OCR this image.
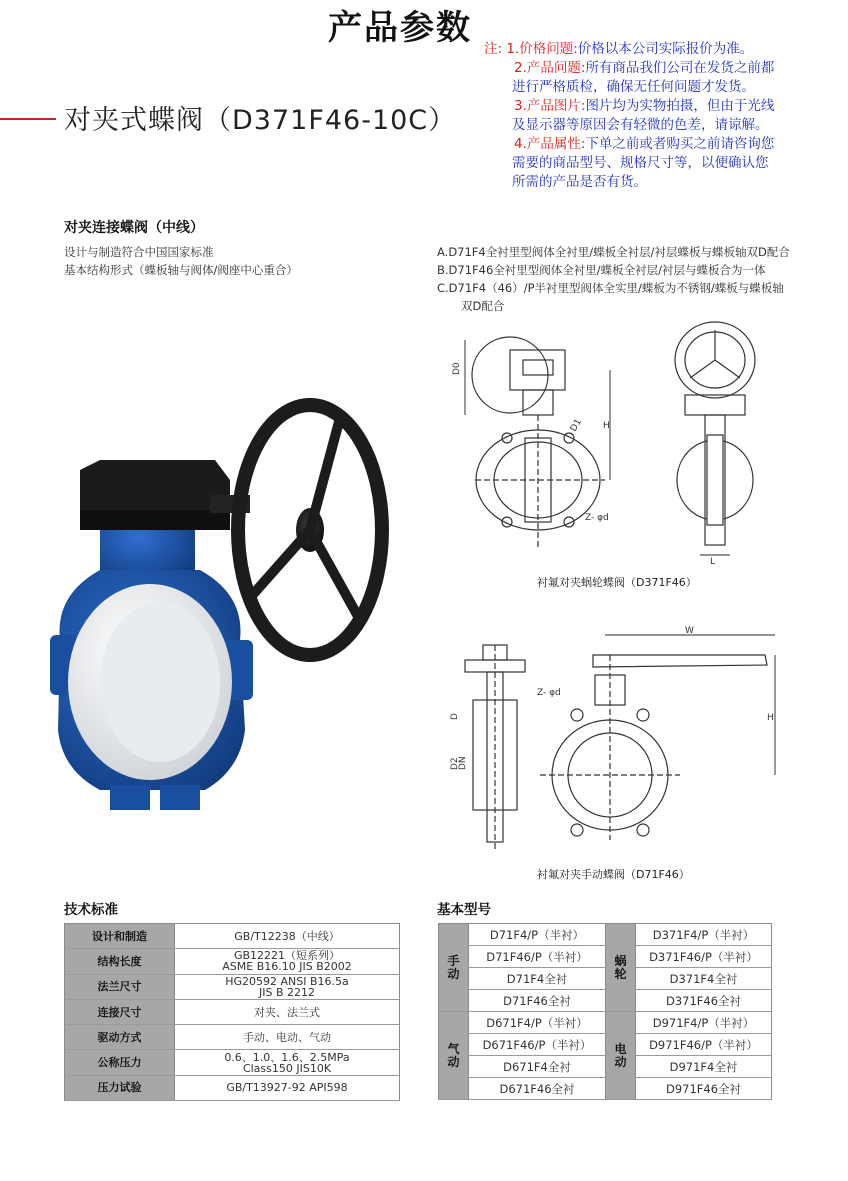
产品参数
注: 1.价格问题:价格以本公司实际报价为准。
2.产品问题:所有商品我们公司在发货之前都
进行严格质检，确保无任何问题才发货。
3.产品图片:图片均为实物拍摄，但由于光线
及显示器等原因会有轻微的色差，请谅解。
4.产品属性:下单之前或者购买之前请咨询您
需要的商品型号、规格尺寸等，以便确认您
所需的产品是否有货。
对夹式蝶阀（D371F46-10C）
对夹连接蝶阀（中线）
设计与制造符合中国国家标准
基本结构形式（蝶板轴与阀体/阀座中心重合）
A.D71F4全衬里型阀体全衬里/蝶板全衬层/衬层蝶板与蝶板轴双D配合
B.D71F46全衬里型阀体全衬里/蝶板全衬层/衬层与蝶板合为一体
C.D71F4（46）/P半衬里型阀体全实里/蝶板为不锈钢/蝶板与蝶板轴
双D配合
D0
H
D1
Z- φd
L
衬氟对夹蜗轮蝶阀（D371F46）
D2
DN
D
W
H
Z- φd
衬氟对夹手动蝶阀（D71F46）
技术标准
设计和制造	GB/T12238（中线）

结构长度	GB12221（短系列）
ASME B16.10 JIS B2002

法兰尺寸	HG20592 ANSI B16.5a
JIS B 2212

连接尺寸	对夹、法兰式

驱动方式	手动、电动、气动

公称压力	0.6、1.0、1.6、2.5MPa
Class150 JIS10K

压力试验	GB/T13927-92 API598
基本型号
手动	D71F4/P（半衬）	蜗轮	D371F4/P（半衬）
	D71F46/P（半衬）		D371F46/P（半衬）
	D71F4全衬		D371F4全衬
	D71F46全衬		D371F46全衬
气动	D671F4/P（半衬）	电动	D971F4/P（半衬）
	D671F46/P（半衬）		D971F46/P（半衬）
	D671F4全衬		D971F4全衬
	D671F46全衬		D971F46全衬
